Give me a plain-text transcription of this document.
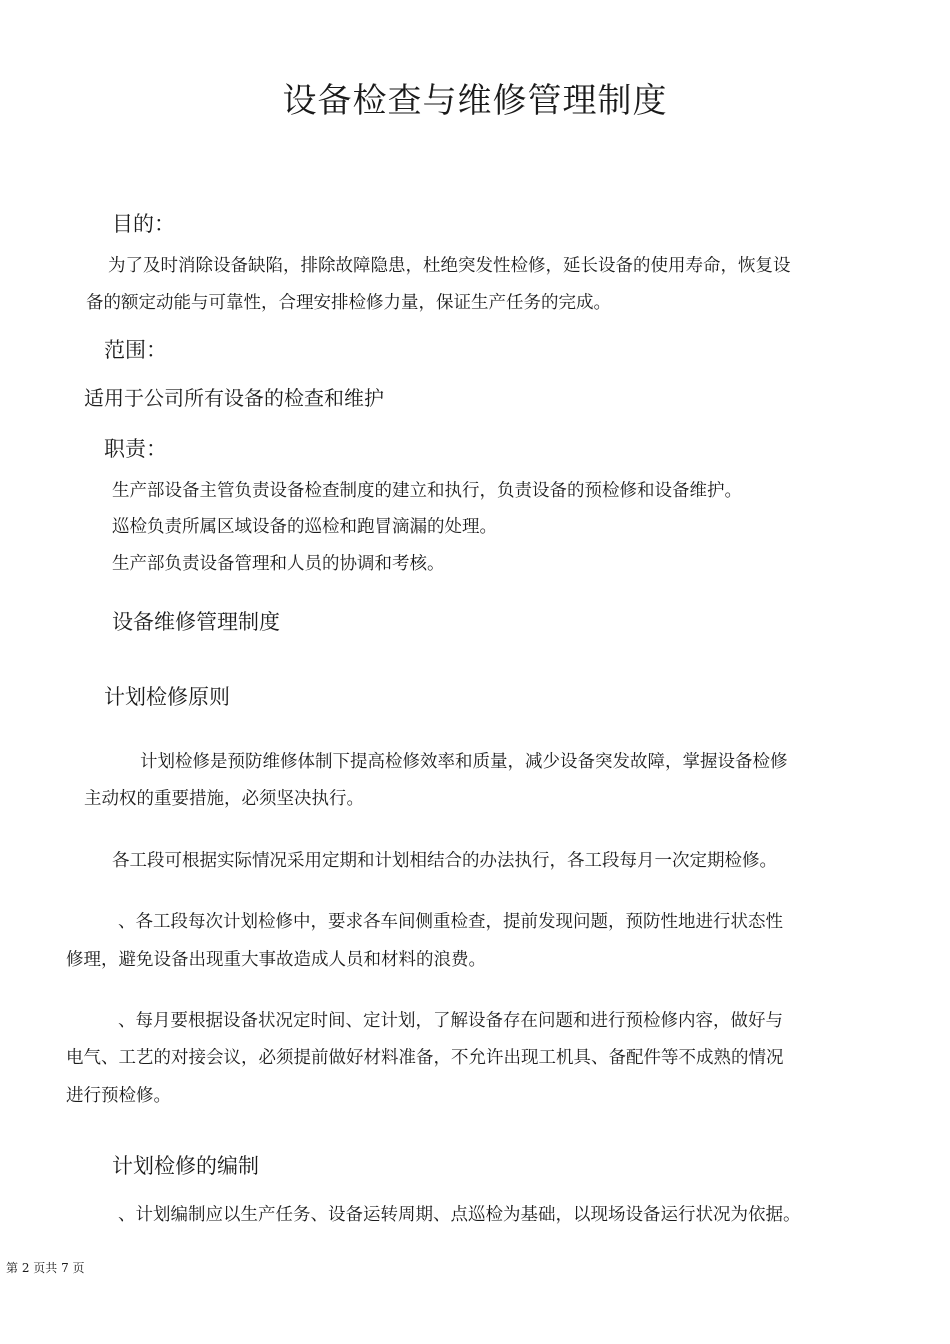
设备检查与维修管理制度
目的：
为了及时消除设备缺陷，排除故障隐患，杜绝突发性检修，延长设备的使用寿命，恢复设
备的额定动能与可靠性，合理安排检修力量，保证生产任务的完成。
范围：
适用于公司所有设备的检查和维护
职责：
生产部设备主管负责设备检查制度的建立和执行，负责设备的预检修和设备维护。
巡检负责所属区域设备的巡检和跑冒滴漏的处理。
生产部负责设备管理和人员的协调和考核。
设备维修管理制度
计划检修原则
计划检修是预防维修体制下提高检修效率和质量，减少设备突发故障，掌握设备检修
主动权的重要措施，必须坚决执行。
各工段可根据实际情况采用定期和计划相结合的办法执行，各工段每月一次定期检修。
、各工段每次计划检修中，要求各车间侧重检查，提前发现问题，预防性地进行状态性
修理，避免设备出现重大事故造成人员和材料的浪费。
、每月要根据设备状况定时间、定计划，了解设备存在问题和进行预检修内容，做好与
电气、工艺的对接会议，必须提前做好材料准备，不允许出现工机具、备配件等不成熟的情况
进行预检修。
计划检修的编制
、计划编制应以生产任务、设备运转周期、点巡检为基础，以现场设备运行状况为依据。
第 2 页共 7 页
